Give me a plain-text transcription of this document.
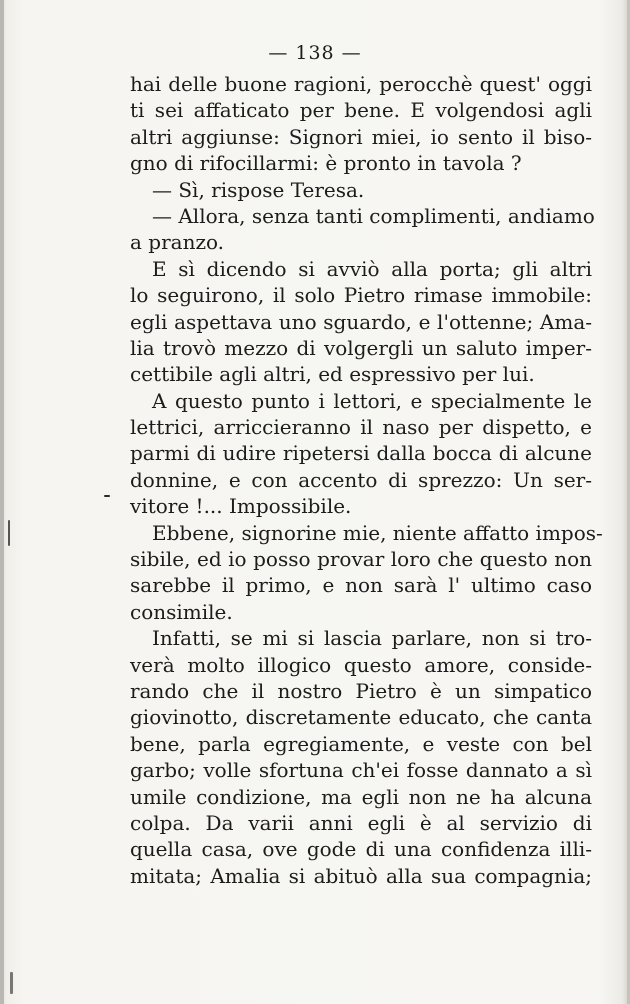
— 138 —
hai delle buone ragioni, perocchè quest' oggi
ti sei affaticato per bene. E volgendosi agli
altri aggiunse: Signori miei, io sento il biso-
gno di rifocillarmi: è pronto in tavola ?
— Sì, rispose Teresa.
— Allora, senza tanti complimenti, andiamo
a pranzo.
E sì dicendo si avviò alla porta; gli altri
lo seguirono, il solo Pietro rimase immobile:
egli aspettava uno sguardo, e l'ottenne; Ama-
lia trovò mezzo di volgergli un saluto imper-
cettibile agli altri, ed espressivo per lui.
A questo punto i lettori, e specialmente le
lettrici, arriccieranno il naso per dispetto, e
parmi di udire ripetersi dalla bocca di alcune
donnine, e con accento di sprezzo: Un ser-
vitore !... Impossibile.
Ebbene, signorine mie, niente affatto impos-
sibile, ed io posso provar loro che questo non
sarebbe il primo, e non sarà l' ultimo caso
consimile.
Infatti, se mi si lascia parlare, non si tro-
verà molto illogico questo amore, conside-
rando che il nostro Pietro è un simpatico
giovinotto, discretamente educato, che canta
bene, parla egregiamente, e veste con bel
garbo; volle sfortuna ch'ei fosse dannato a sì
umile condizione, ma egli non ne ha alcuna
colpa. Da varii anni egli è al servizio di
quella casa, ove gode di una confidenza illi-
mitata; Amalia si abituò alla sua compagnia;
